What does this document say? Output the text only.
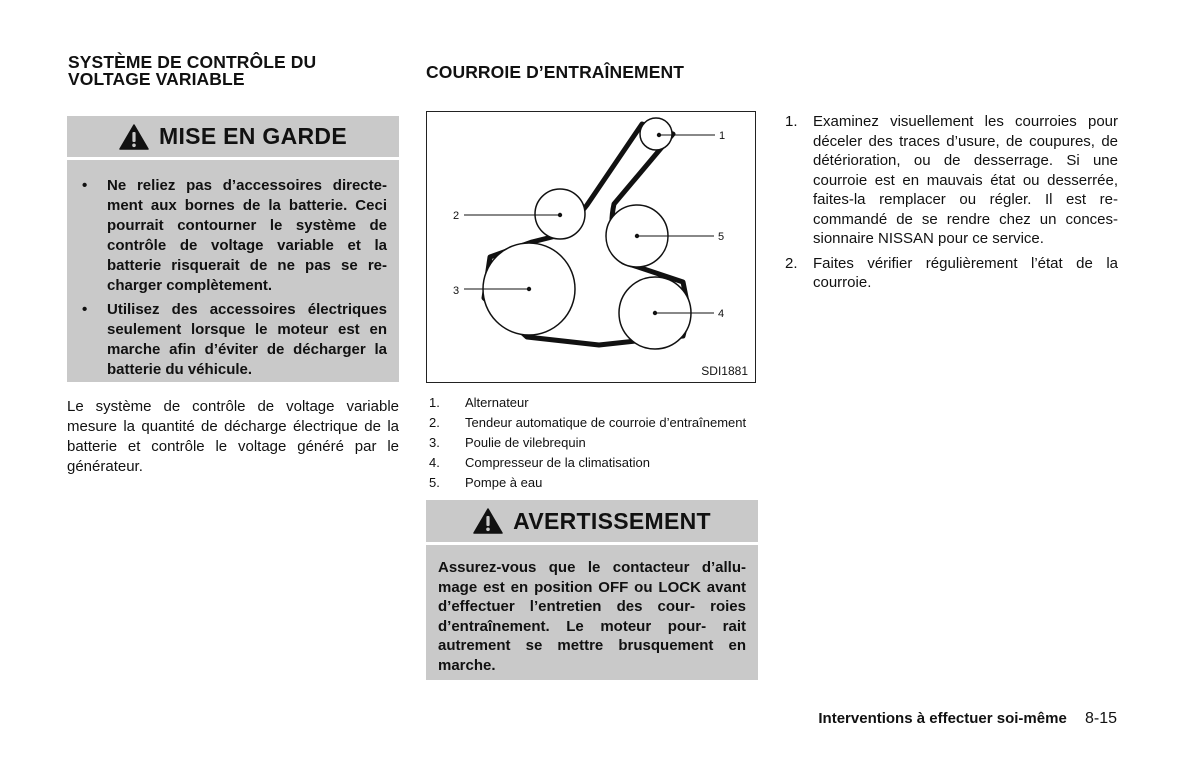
SYSTÈME DE CONTRÔLE DU
VOLTAGE VARIABLE
MISE EN GARDE
• Ne reliez pas d’accessoires directe- ment aux bornes de la batterie. Ceci pourrait contourner le système de contrôle de voltage variable et la batterie risquerait de ne pas se re- charger complètement.
• Utilisez des accessoires électriques seulement lorsque le moteur est en marche afin d’éviter de décharger la batterie du véhicule.

Le système de contrôle de voltage variable mesure la quantité de décharge électrique de la batterie et contrôle le voltage généré par le générateur.

COURROIE D’ENTRAÎNEMENT
1
2
3
4
5
SDI1881
1. Alternateur
2. Tendeur automatique de courroie d’entraînement
3. Poulie de vilebrequin
4. Compresseur de la climatisation
5. Pompe à eau
AVERTISSEMENT
Assurez-vous que le contacteur d’allu- mage est en position OFF ou LOCK avant d’effectuer l’entretien des cour- roies d’entraînement. Le moteur pour- rait autrement se mettre brusquement en marche.
1. Examinez visuellement les courroies pour déceler des traces d’usure, de coupures, de détérioration, ou de desserrage. Si une courroie est en mauvais état ou desserrée, faites-la remplacer ou régler. Il est re- commandé de se rendre chez un conces- sionnaire NISSAN pour ce service.
2. Faites vérifier régulièrement l’état de la courroie.
Interventions à effectuer soi-même 8-15
